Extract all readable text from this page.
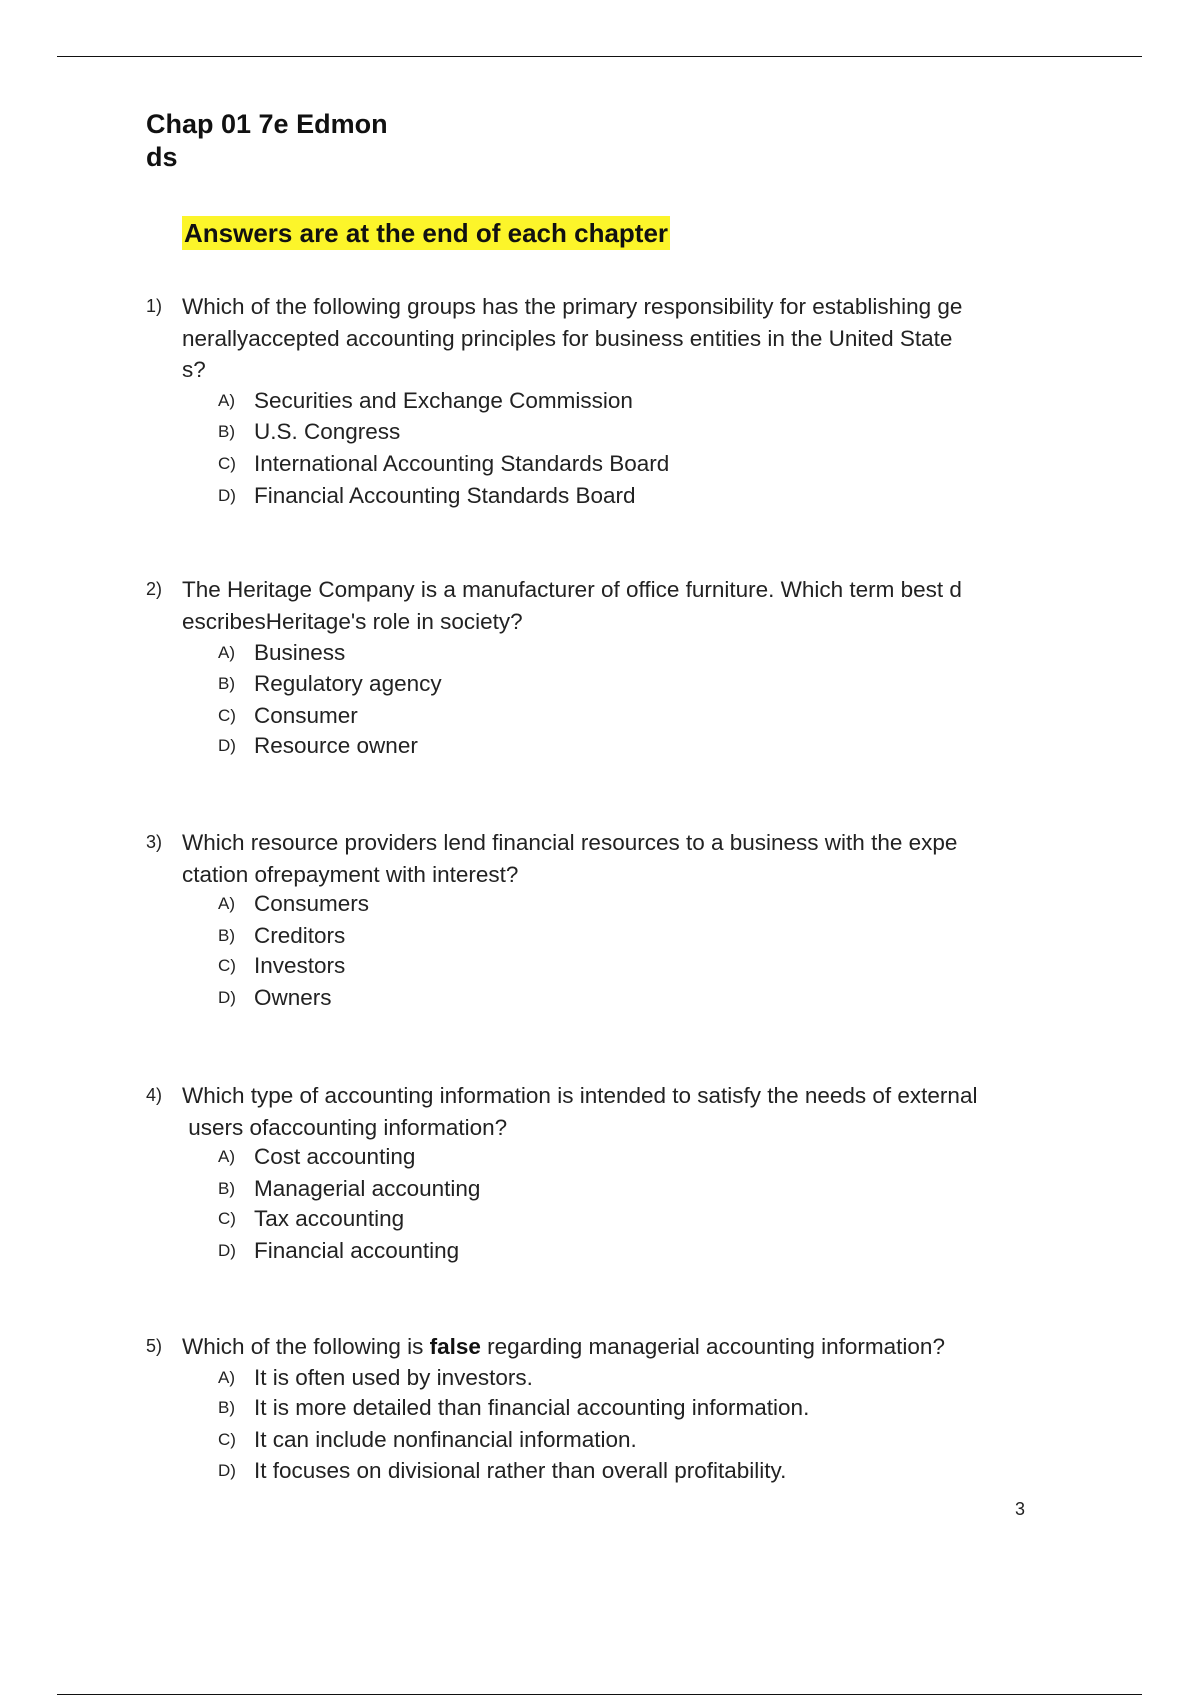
Chap 01 7e Edmon
ds

Answers are at the end of each chapter

1) Which of the following groups has the primary responsibility for establishing ge
nerallyaccepted accounting principles for business entities in the United State
s?

A) Securities and Exchange Commission
B) U.S. Congress
C) International Accounting Standards Board
D) Financial Accounting Standards Board
2) The Heritage Company is a manufacturer of office furniture. Which term best d
escribesHeritage's role in society?

A) Business
B) Regulatory agency
C) Consumer
D) Resource owner
3) Which resource providers lend financial resources to a business with the expe
ctation ofrepayment with interest?

A) Consumers
B) Creditors
C) Investors
D) Owners
4) Which type of accounting information is intended to satisfy the needs of external
users ofaccounting information?

A) Cost accounting
B) Managerial accounting
C) Tax accounting
D) Financial accounting
5) Which of the following is false regarding managerial accounting information?

A) It is often used by investors.
B) It is more detailed than financial accounting information.
C) It can include nonfinancial information.
D) It focuses on divisional rather than overall profitability.
3
